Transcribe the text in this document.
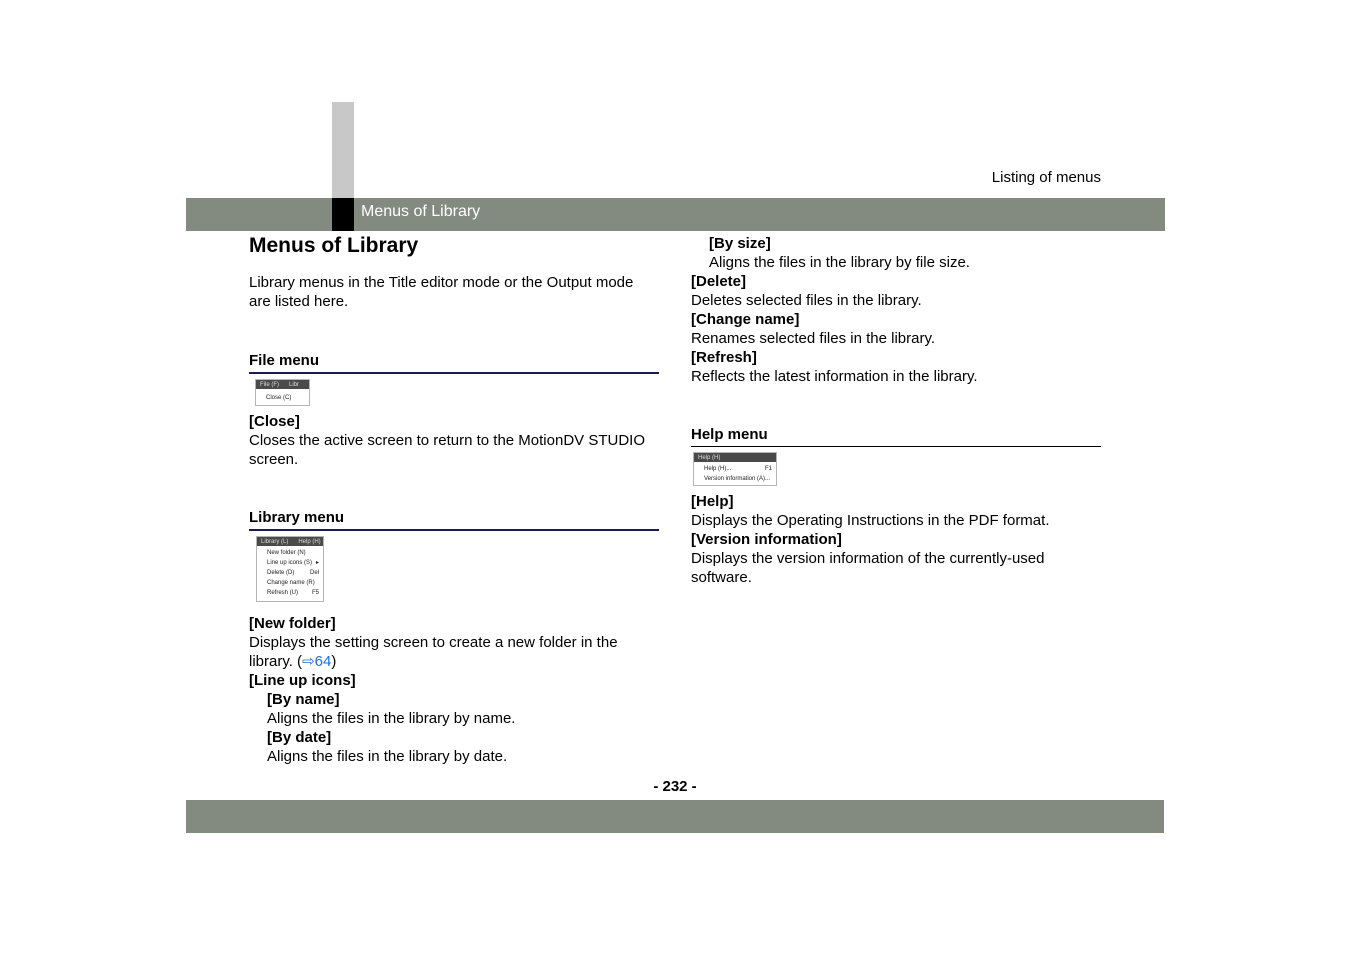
Listing of menus
Menus of Library
Menus of Library
Library menus in the Title editor mode or the Output mode are listed here.
File menu
File (F) Libr
Close (C)
[Close]
Closes the active screen to return to the MotionDV STUDIO screen.
Library menu
Library (L) Help (H)
New folder (N)
Line up icons (S) ▸
Delete (D)	Del
Change name (R)
Refresh (U) F5
[New folder]
Displays the setting screen to create a new folder in the library. (⇨64)
[Line up icons]
[By name]
Aligns the files in the library by name.
[By date]
Aligns the files in the library by date.
[By size]
Aligns the files in the library by file size.
[Delete]
Deletes selected files in the library.
[Change name]
Renames selected files in the library.
[Refresh]
Reflects the latest information in the library.
Help menu
Help (H)
Help (H)...	F1
Version information (A)...
[Help]
Displays the Operating Instructions in the PDF format.
[Version information]
Displays the version information of the currently-used software.
- 232 -
